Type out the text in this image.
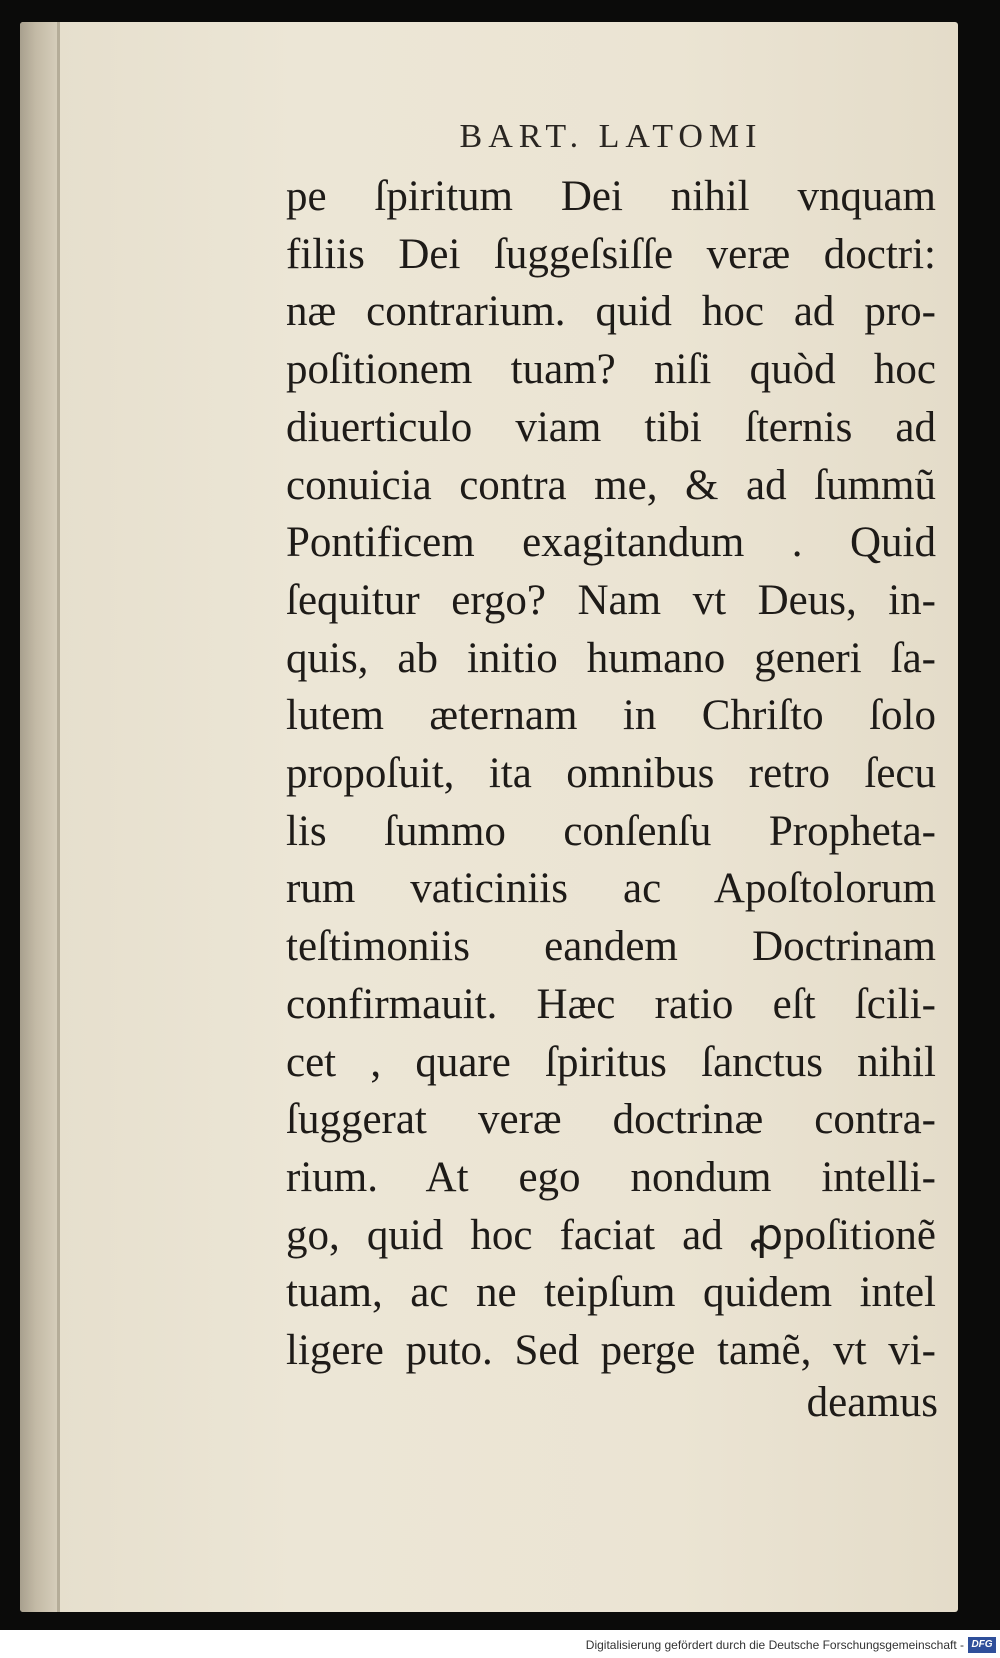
BART. LATOMI
pe ſpiritum Dei nihil vnquam
filiis Dei ſuggeſsiſſe veræ doctri:
næ contrarium. quid hoc ad pro-
poſitionem tuam? niſi quòd hoc
diuerticulo viam tibi ſternis ad
conuicia contra me, & ad ſummũ
Pontificem exagitandum . Quid
ſequitur ergo? Nam vt Deus, in-
quis, ab initio humano generi ſa-
lutem æternam in Chriſto ſolo
propoſuit, ita omnibus retro ſecu
lis ſummo conſenſu Propheta-
rum vaticiniis ac Apoſtolorum
teſtimoniis eandem Doctrinam
confirmauit. Hæc ratio eſt ſcili-
cet , quare ſpiritus ſanctus nihil
ſuggerat veræ doctrinæ contra-
rium. At ego nondum intelli-
go, quid hoc faciat ad ꝓpoſitionẽ
tuam, ac ne teipſum quidem intel
ligere puto. Sed perge tamẽ, vt vi-
deamus
Digitalisierung gefördert durch die Deutsche Forschungsgemeinschaft - DFG
